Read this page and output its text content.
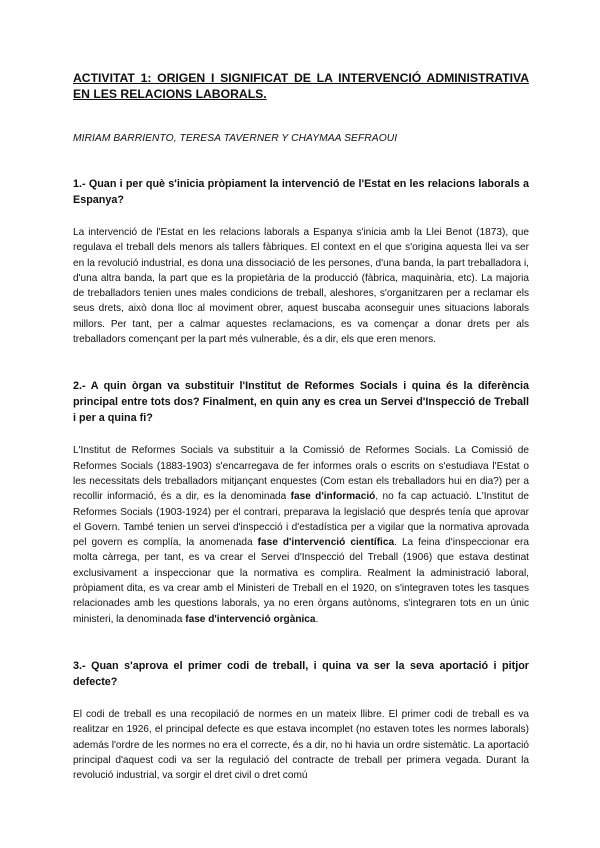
ACTIVITAT 1: ORIGEN I SIGNIFICAT DE LA INTERVENCIÓ ADMINISTRATIVA EN LES RELACIONS LABORALS.
MIRIAM BARRIENTO, TERESA TAVERNER Y CHAYMAA SEFRAOUI
1.- Quan i per què s'inicia pròpiament la intervenció de l'Estat en les relacions laborals a Espanya?
La intervenció de l'Estat en les relacions laborals a Espanya s'inicia amb la Llei Benot (1873), que regulava el treball dels menors als tallers fàbriques. El context en el que s'origina aquesta llei va ser en la revolució industrial, es dona una dissociació de les persones, d'una banda, la part treballadora i, d'una altra banda, la part que es la propietària de la producció (fàbrica, maquinària, etc). La majoria de treballadors tenien unes males condicions de treball, aleshores, s'organitzaren per a reclamar els seus drets, això dona lloc al moviment obrer, aquest buscaba aconseguir unes situacions laborals millors. Per tant, per a calmar aquestes reclamacions, es va començar a donar drets per als treballadors començant per la part més vulnerable, és a dir, els que eren menors.
2.- A quin òrgan va substituir l'Institut de Reformes Socials i quina és la diferència principal entre tots dos? Finalment, en quin any es crea un Servei d'Inspecció de Treball i per a quina fi?
L'Institut de Reformes Socials va substituir a la Comissió de Reformes Socials. La Comissió de Reformes Socials (1883-1903) s'encarregava de fer informes orals o escrits on s'estudiava l'Estat o les necessitats dels treballadors mitjançant enquestes (Com estan els treballadors hui en dia?) per a recollir informació, és a dir, es la denominada fase d'informació, no fa cap actuació. L'Institut de Reformes Socials (1903-1924) per el contrari, preparava la legislació que després tenía que aprovar el Govern. També tenien un servei d'inspecció i d'estadística per a vigilar que la normativa aprovada pel govern es complía, la anomenada fase d'intervenció científica. La feina d'inspeccionar era molta càrrega, per tant, es va crear el Servei d'Inspecció del Treball (1906) que estava destinat exclusivament a inspeccionar que la normativa es complira. Realment la administració laboral, pròpiament dita, es va crear amb el Ministeri de Treball en el 1920, on s'integraven totes les tasques relacionades amb les questions laborals, ya no eren òrgans autònoms, s'integraren tots en un únic ministeri, la denominada fase d'intervenció orgànica.
3.- Quan s'aprova el primer codi de treball, i quina va ser la seva aportació i pitjor defecte?
El codi de treball es una recopilació de normes en un mateix llibre. El primer codi de treball es va realitzar en 1926, el principal defecte es que estava incomplet (no estaven totes les normes laborals) además l'ordre de les normes no era el correcte, és a dir, no hi havia un ordre sistemàtic. La aportació principal d'aquest codi va ser la regulació del contracte de treball per primera vegada. Durant la revolució industrial, va sorgir el dret civil o dret comú
